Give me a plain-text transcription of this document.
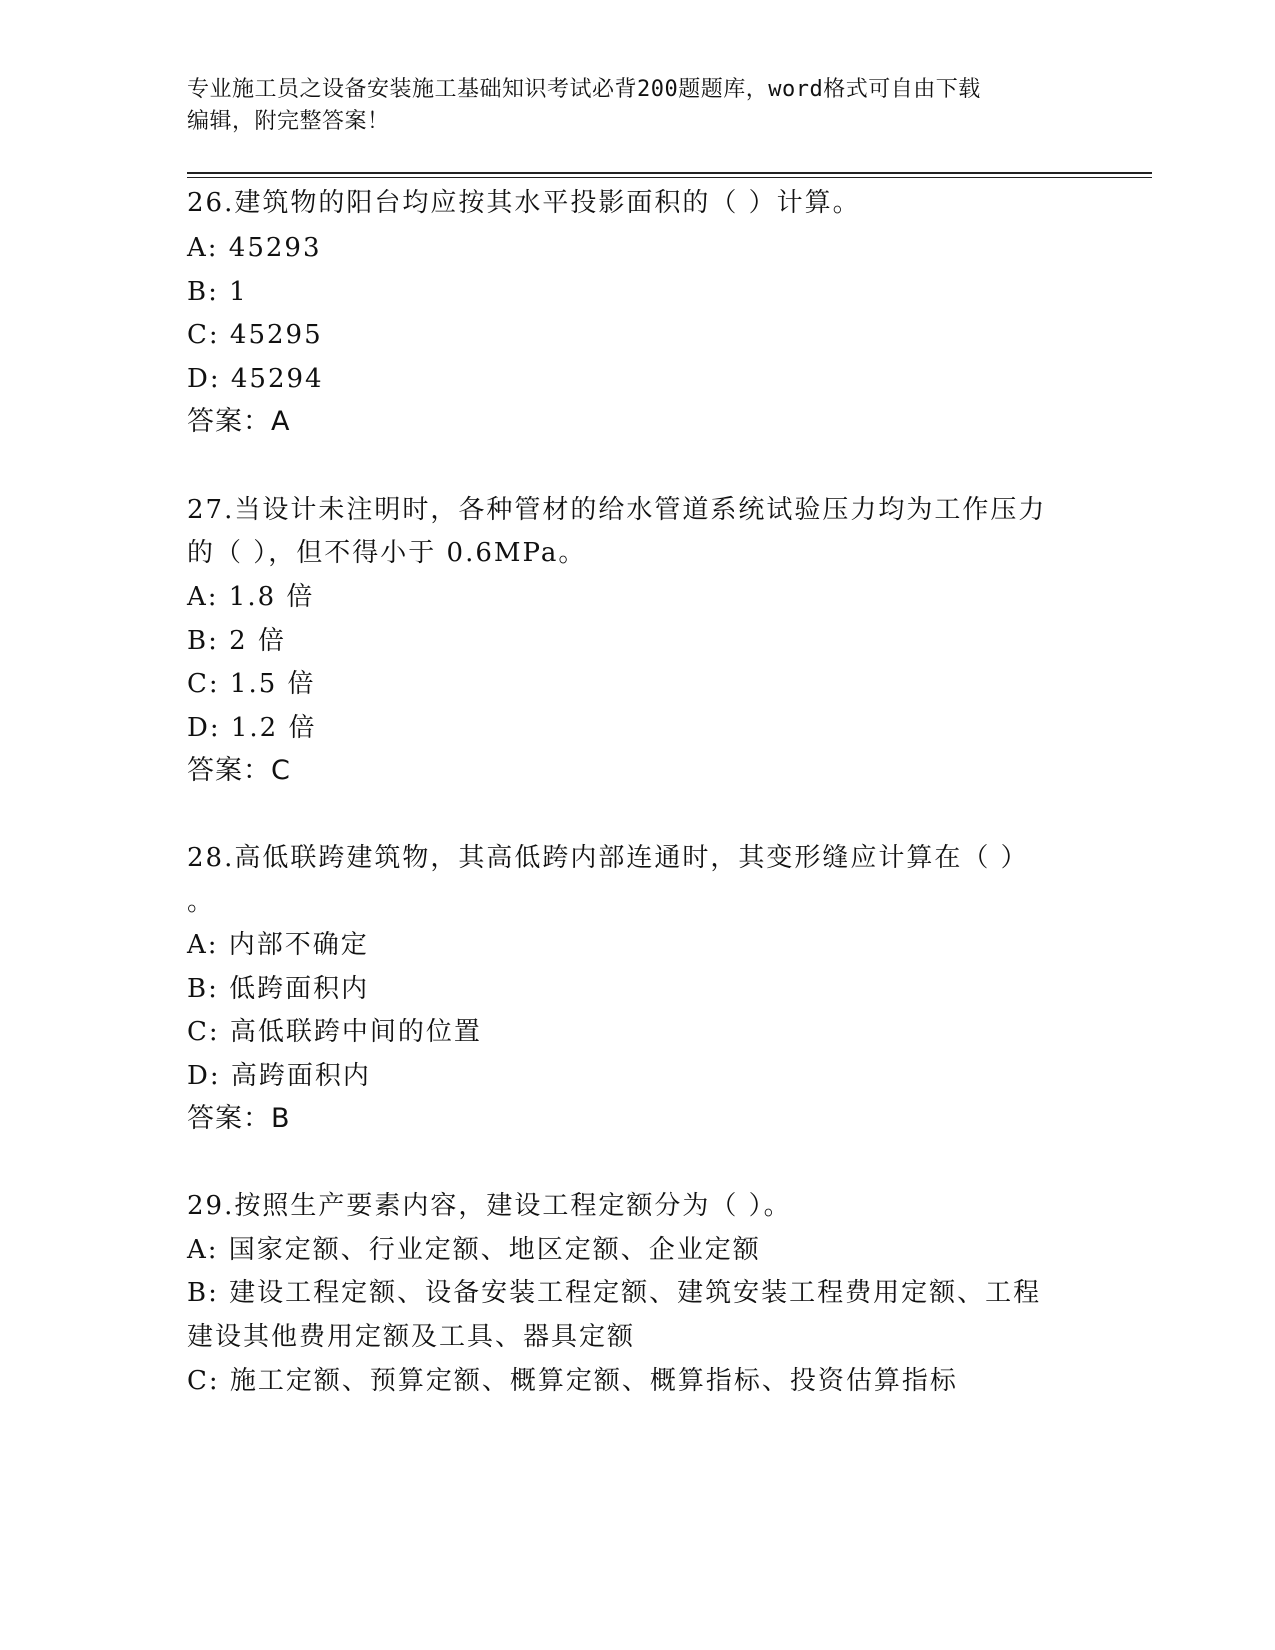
专业施工员之设备安装施工基础知识考试必背200题题库，word格式可自由下载
编辑，附完整答案！
26.建筑物的阳台均应按其水平投影面积的（ ）计算。
A: 45293
B: 1
C: 45295
D: 45294
答案：A
27.当设计未注明时，各种管材的给水管道系统试验压力均为工作压力
的（ ），但不得小于 0.6MPa。
A: 1.8 倍
B: 2 倍
C: 1.5 倍
D: 1.2 倍
答案：C
28.高低联跨建筑物，其高低跨内部连通时，其变形缝应计算在（ ）
。
A: 内部不确定
B: 低跨面积内
C: 高低联跨中间的位置
D: 高跨面积内
答案：B
29.按照生产要素内容，建设工程定额分为（ ）。
A: 国家定额、行业定额、地区定额、企业定额
B: 建设工程定额、设备安装工程定额、建筑安装工程费用定额、工程
建设其他费用定额及工具、器具定额
C: 施工定额、预算定额、概算定额、概算指标、投资估算指标
